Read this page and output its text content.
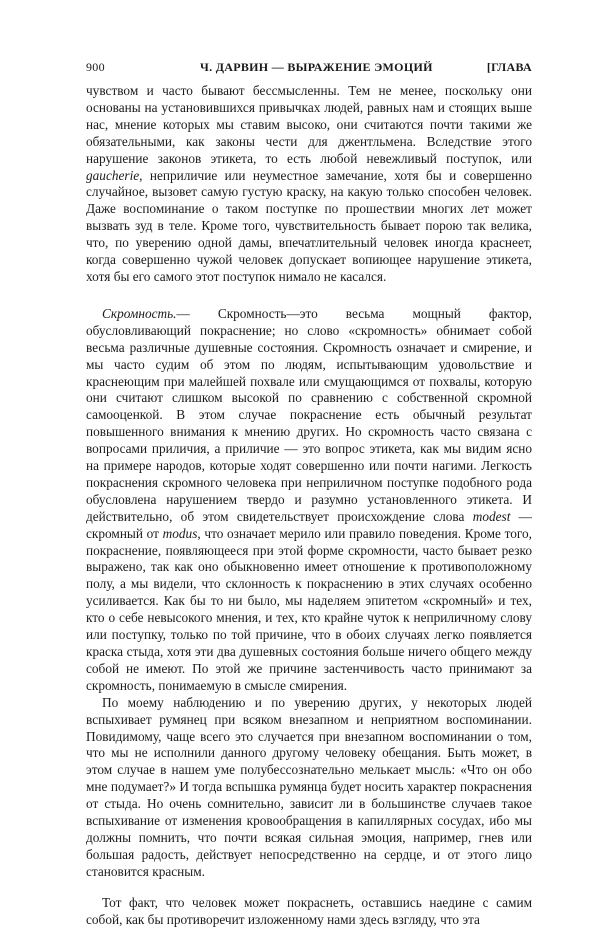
900	Ч. ДАРВИН — ВЫРАЖЕНИЕ ЭМОЦИЙ	[ГЛАВА

чувством и часто бывают бессмысленны. Тем не менее, поскольку они основаны на установившихся привычках людей, равных нам и стоящих выше нас, мнение которых мы ставим высоко, они считаются почти такими же обязательными, как законы чести для джентльмена. Вследствие этого нарушение законов этикета, то есть любой невежливый поступок, или gaucherie, неприличие или неуместное замечание, хотя бы и совершенно случайное, вызовет самую густую краску, на какую только способен человек. Даже воспоминание о таком поступке по прошествии многих лет может вызвать зуд в теле. Кроме того, чувствительность бывает порою так велика, что, по уверению одной дамы, впечатлительный человек иногда краснеет, когда совершенно чужой человек допускает вопиющее нарушение этикета, хотя бы его самого этот поступок нимало не касался.

Скромность.— Скромность—это весьма мощный фактор, обусловливающий покраснение; но слово «скромность» обнимает собой весьма различные душевные состояния. Скромность означает и смирение, и мы часто судим об этом по людям, испытывающим удовольствие и краснеющим при малейшей похвале или смущающимся от похвалы, которую они считают слишком высокой по сравнению с собственной скромной самооценкой. В этом случае покраснение есть обычный результат повышенного внимания к мнению других. Но скромность часто связана с вопросами приличия, а приличие — это вопрос этикета, как мы видим ясно на примере народов, которые ходят совершенно или почти нагими. Легкость покраснения скромного человека при неприличном поступке подобного рода обусловлена нарушением твердо и разумно установленного этикета. И действительно, об этом свидетельствует происхождение слова modest — скромный от modus, что означает мерило или правило поведения. Кроме того, покраснение, появляющееся при этой форме скромности, часто бывает резко выражено, так как оно обыкновенно имеет отношение к противоположному полу, а мы видели, что склонность к покраснению в этих случаях особенно усиливается. Как бы то ни было, мы наделяем эпитетом «скромный» и тех, кто о себе невысокого мнения, и тех, кто крайне чуток к неприличному слову или поступку, только по той причине, что в обоих случаях легко появляется краска стыда, хотя эти два душевных состояния больше ничего общего между собой не имеют. По этой же причине застенчивость часто принимают за скромность, понимаемую в смысле смирения.

По моему наблюдению и по уверению других, у некоторых людей вспыхивает румянец при всяком внезапном и неприятном воспоминании. Повидимому, чаще всего это случается при внезапном воспоминании о том, что мы не исполнили данного другому человеку обещания. Быть может, в этом случае в нашем уме полубессознательно мелькает мысль: «Что он обо мне подумает?» И тогда вспышка румянца будет носить характер покраснения от стыда. Но очень сомнительно, зависит ли в большинстве случаев такое вспыхивание от изменения кровообращения в капиллярных сосудах, ибо мы должны помнить, что почти всякая сильная эмоция, например, гнев или большая радость, действует непосредственно на сердце, и от этого лицо становится красным.

Тот факт, что человек может покраснеть, оставшись наедине с самим собой, как бы противоречит изложенному нами здесь взгляду, что эта
